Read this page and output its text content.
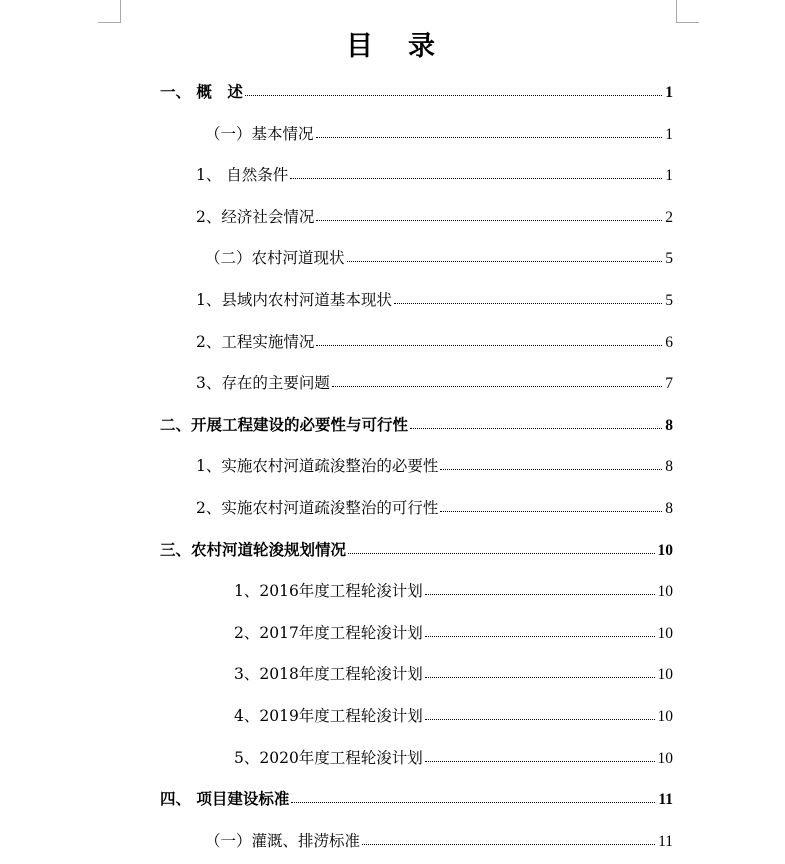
目　录
一、 概　述	1
（一）基本情况	1
1、 自然条件	1
2、经济社会情况	2
（二）农村河道现状	5
1、县域内农村河道基本现状	5
2、工程实施情况	6
3、存在的主要问题	7
二、开展工程建设的必要性与可行性	8
1、实施农村河道疏浚整治的必要性	8
2、实施农村河道疏浚整治的可行性	8
三、农村河道轮浚规划情况	10
1、2016年度工程轮浚计划	10
2、2017年度工程轮浚计划	10
3、2018年度工程轮浚计划	10
4、2019年度工程轮浚计划	10
5、2020年度工程轮浚计划	10
四、 项目建设标准	11
（一）灌溉、排涝标准	11
